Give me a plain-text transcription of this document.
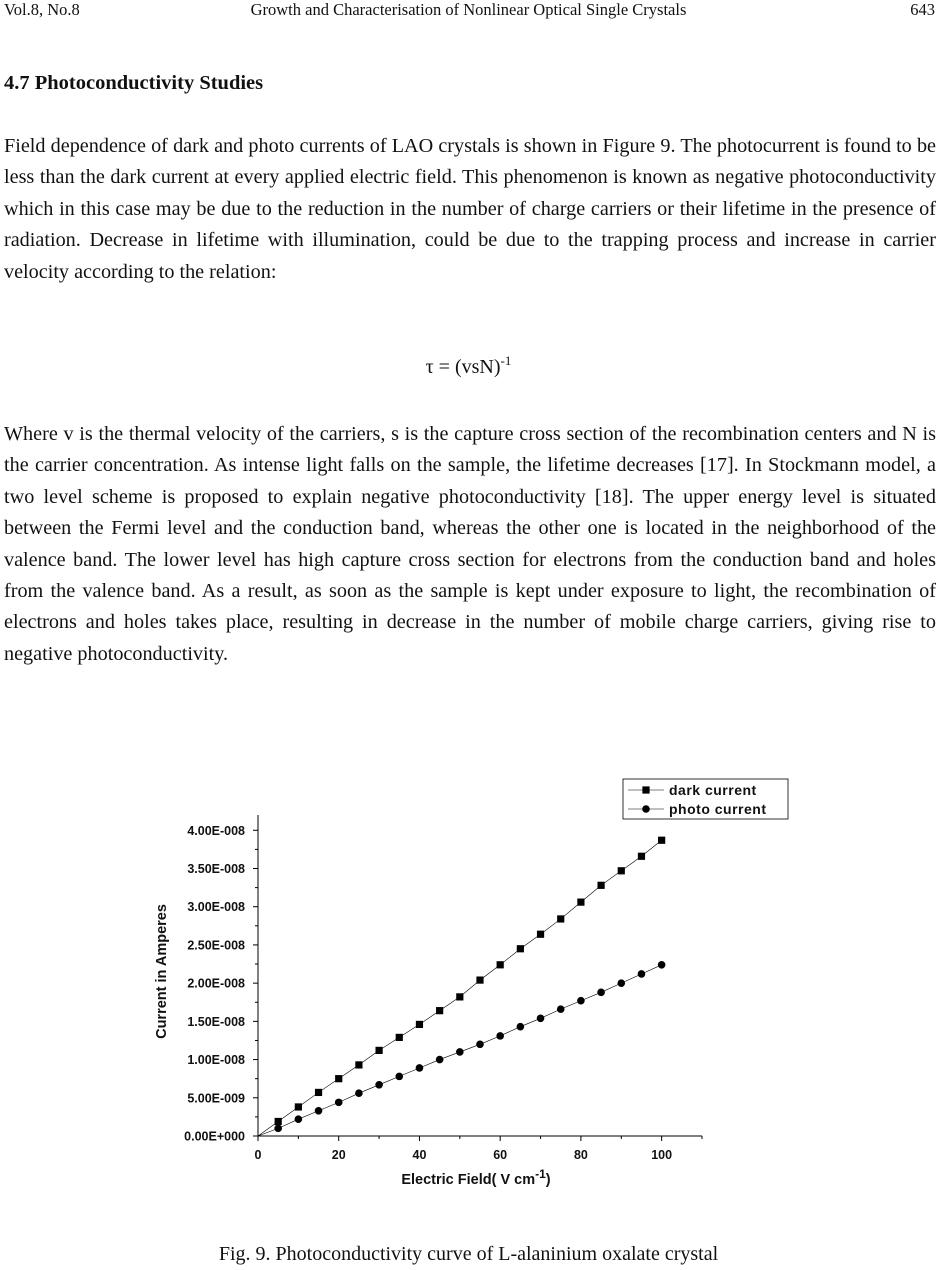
Vol.8, No.8	Growth and Characterisation of Nonlinear Optical Single Crystals	643
4.7 Photoconductivity Studies

Field dependence of dark and photo currents of LAO crystals is shown in Figure 9. The photocurrent is found to be less than the dark current at every applied electric field. This phenomenon is known as negative photoconductivity which in this case may be due to the reduction in the number of charge carriers or their lifetime in the presence of radiation. Decrease in lifetime with illumination, could be due to the trapping process and increase in carrier velocity according to the relation:

τ = (vsN)$^{-1}$

Where v is the thermal velocity of the carriers, s is the capture cross section of the recombination centers and N is the carrier concentration. As intense light falls on the sample, the lifetime decreases [17]. In Stockmann model, a two level scheme is proposed to explain negative photoconductivity [18]. The upper energy level is situated between the Fermi level and the conduction band, whereas the other one is located in the neighborhood of the valence band. The lower level has high capture cross section for electrons from the conduction band and holes from the valence band. As a result, as soon as the sample is kept under exposure to light, the recombination of electrons and holes takes place, resulting in decrease in the number of mobile charge carriers, giving rise to negative photoconductivity.

0.00E+000
5.00E-009
1.00E-008
1.50E-008
2.00E-008
2.50E-008
3.00E-008
3.50E-008
4.00E-008
0	20	40	60	80	100
Current in Amperes
Electric Field( V $cm^{-1}$)
dark current
photo current
Fig. 9. Photoconductivity curve of L-alaninium oxalate crystal
